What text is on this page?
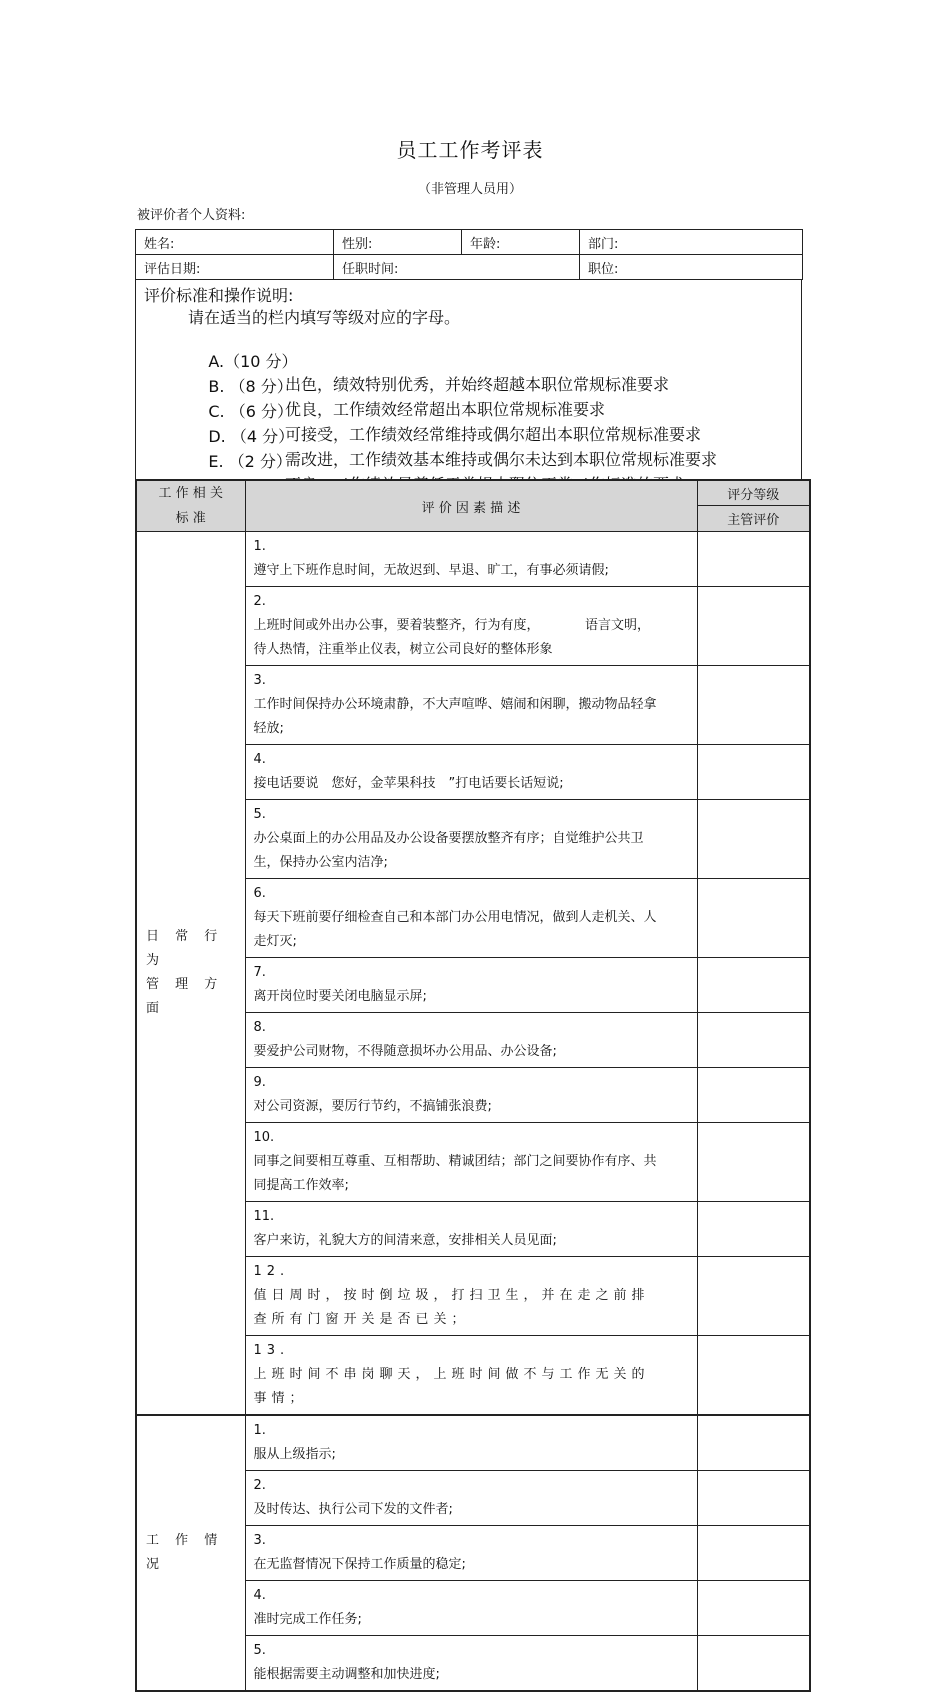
员工工作考评表
（非管理人员用）
被评价者个人资料:
姓名:	性别:	年龄:	部门:
评估日期:	任职时间:		职位:
评价标准和操作说明:
请在适当的栏内填写等级对应的字母。

A.（10 分）

出色，绩效特别优秀，并始终超越本职位常规标准要求

B. （8 分）

优良，工作绩效经常超出本职位常规标准要求

C. （6 分）

可接受，工作绩效经常维持或偶尔超出本职位常规标准要求

D. （4 分）

需改进，工作绩效基本维持或偶尔未达到本职位常规标准要求

E. （2 分）

工 作 相 关
标 准	评 价 因 素 描 述	评分等级
		主管评价

日 常 行 为
管 理 方 面	1.遵守上下班作息时间，无故迟到、早退、旷工，有事必须请假;	
	2.上班时间或外出办公事，要着装整齐，行为有度，　　　　语言文明，待人热情，注重举止仪表，树立公司良好的整体形象	
	3.工作时间保持办公环境肃静，不大声喧哗、嬉闹和闲聊，搬动物品轻拿轻放;	
	4.接电话要说　您好，金苹果科技　”打电话要长话短说;	
	5.办公桌面上的办公用品及办公设备要摆放整齐有序；自觉维护公共卫生，保持办公室内洁净;	
	6.每天下班前要仔细检查自己和本部门办公用电情况，做到人走机关、人走灯灭;	
	7.离开岗位时要关闭电脑显示屏;	
	8.要爱护公司财物，不得随意损坏办公用品、办公设备;	
	9.对公司资源，要厉行节约，不搞铺张浪费;	
	10.同事之间要相互尊重、互相帮助、精诚团结；部门之间要协作有序、共同提高工作效率;	
	11.客户来访，礼貌大方的间清来意，安排相关人员见面;	
	12.值日周时，按时倒垃圾，打扫卫生，并在走之前排查所有门窗开关是否已关；	
	13.上班时间不串岗聊天，上班时间做不与工作无关的事情；	
工 作 情 况	1.服从上级指示;	
	2.及时传达、执行公司下发的文件者;	
	3.在无监督情况下保持工作质量的稳定;	
	4.准时完成工作任务;	
	5.能根据需要主动调整和加快进度;	
